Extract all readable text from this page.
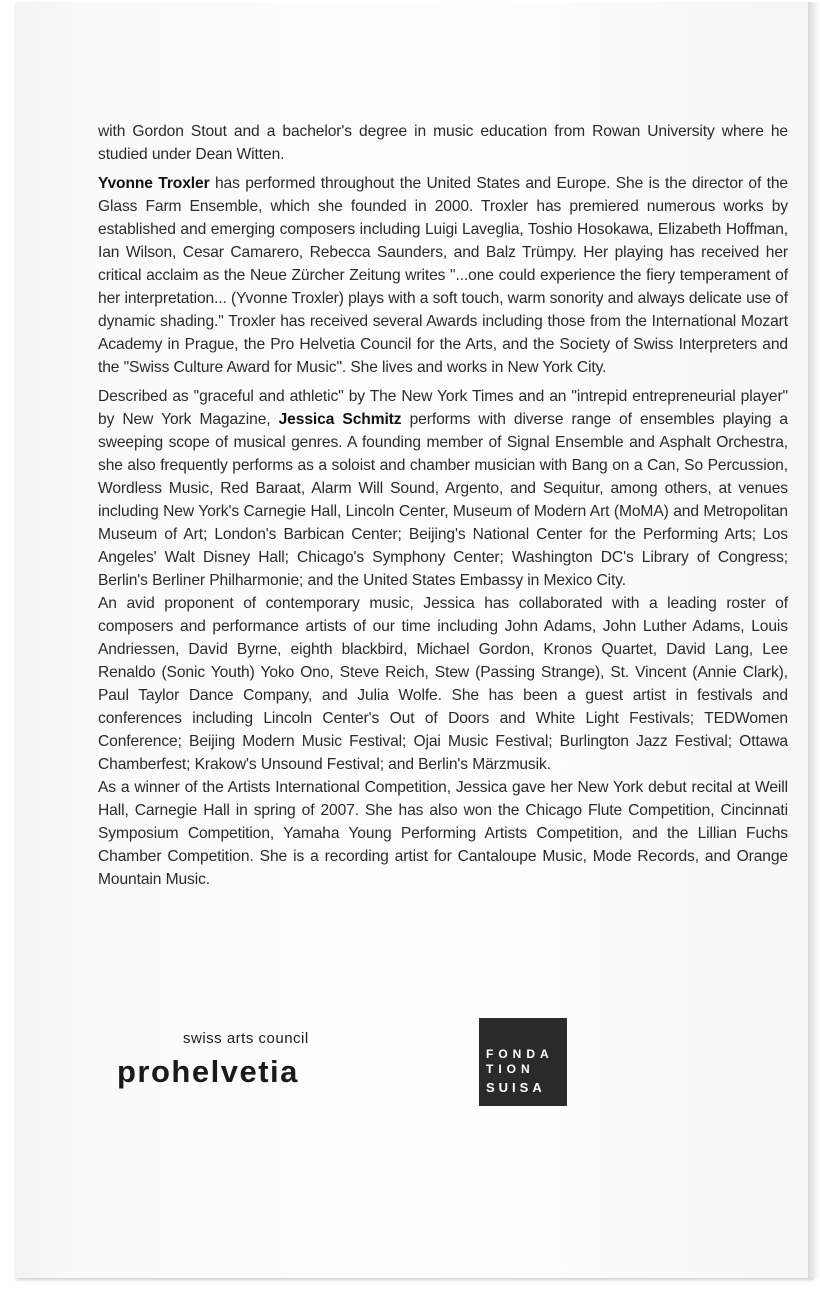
with Gordon Stout and a bachelor's degree in music education from Rowan University where he studied under Dean Witten.

Yvonne Troxler has performed throughout the United States and Europe. She is the director of the Glass Farm Ensemble, which she founded in 2000. Troxler has premiered numerous works by established and emerging composers including Luigi Laveglia, Toshio Hosokawa, Elizabeth Hoffman, Ian Wilson, Cesar Camarero, Rebecca Saunders, and Balz Trümpy. Her playing has received her critical acclaim as the Neue Zürcher Zeitung writes "...one could experience the fiery temperament of her interpretation... (Yvonne Troxler) plays with a soft touch, warm sonority and always delicate use of dynamic shading." Troxler has received several Awards including those from the International Mozart Academy in Prague, the Pro Helvetia Council for the Arts, and the Society of Swiss Interpreters and the "Swiss Culture Award for Music". She lives and works in New York City.

Described as "graceful and athletic" by The New York Times and an "intrepid entrepreneurial player" by New York Magazine, Jessica Schmitz performs with diverse range of ensembles playing a sweeping scope of musical genres. A founding member of Signal Ensemble and Asphalt Orchestra, she also frequently performs as a soloist and chamber musician with Bang on a Can, So Percussion, Wordless Music, Red Baraat, Alarm Will Sound, Argento, and Sequitur, among others, at venues including New York's Carnegie Hall, Lincoln Center, Museum of Modern Art (MoMA) and Metropolitan Museum of Art; London's Barbican Center; Beijing's National Center for the Performing Arts; Los Angeles' Walt Disney Hall; Chicago's Symphony Center; Washington DC's Library of Congress; Berlin's Berliner Philharmonie; and the United States Embassy in Mexico City.

An avid proponent of contemporary music, Jessica has collaborated with a leading roster of composers and performance artists of our time including John Adams, John Luther Adams, Louis Andriessen, David Byrne, eighth blackbird, Michael Gordon, Kronos Quartet, David Lang, Lee Renaldo (Sonic Youth) Yoko Ono, Steve Reich, Stew (Passing Strange), St. Vincent (Annie Clark), Paul Taylor Dance Company, and Julia Wolfe. She has been a guest artist in festivals and conferences including Lincoln Center's Out of Doors and White Light Festivals; TEDWomen Conference; Beijing Modern Music Festival; Ojai Music Festival; Burlington Jazz Festival; Ottawa Chamberfest; Krakow's Unsound Festival; and Berlin's Märzmusik.

As a winner of the Artists International Competition, Jessica gave her New York debut recital at Weill Hall, Carnegie Hall in spring of 2007. She has also won the Chicago Flute Competition, Cincinnati Symposium Competition, Yamaha Young Performing Artists Competition, and the Lillian Fuchs Chamber Competition. She is a recording artist for Cantaloupe Music, Mode Records, and Orange Mountain Music.

swiss arts council
prohelvetia	FONDA
TION
SUISA
